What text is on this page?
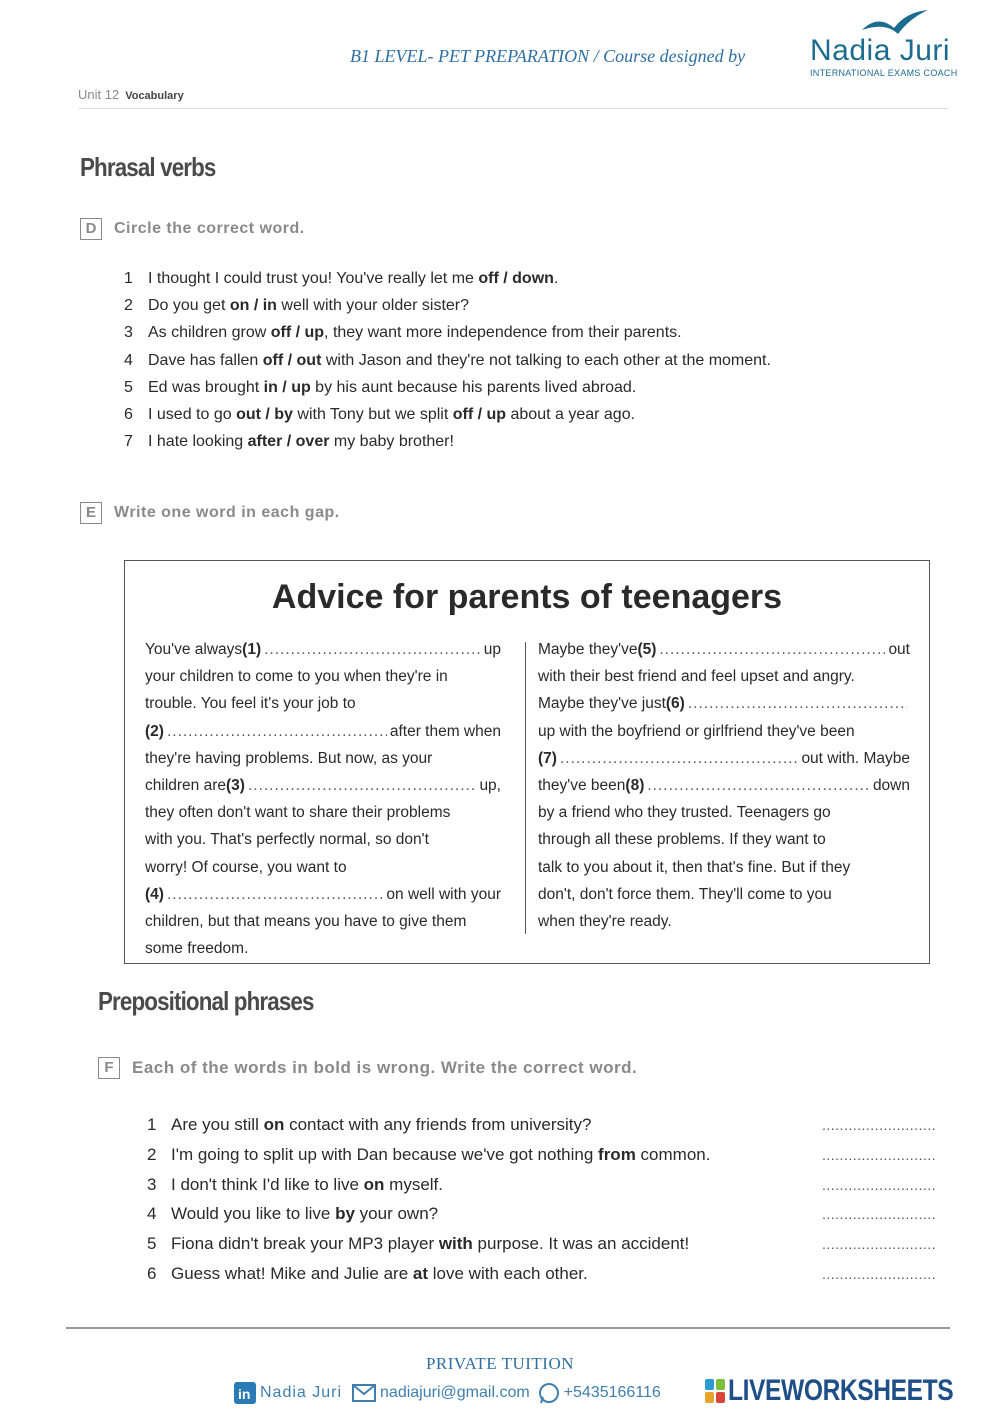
B1 LEVEL- PET PREPARATION / Course designed by Nadia Juri
INTERNATIONAL EXAMS COACH
Unit 12 Vocabulary
Phrasal verbs
D	Circle the correct word.
1 I thought I could trust you! You've really let me off / down.
2 Do you get on / in well with your older sister?
3 As children grow off / up, they want more independence from their parents.
4 Dave has fallen off / out with Jason and they're not talking to each other at the moment.
5 Ed was brought in / up by his aunt because his parents lived abroad.
6 I used to go out / by with Tony but we split off / up about a year ago.
7 I hate looking after / over my baby brother!
E	Write one word in each gap.
Advice for parents of teenagers
You've always (1) .....	up
your children to come to you when they're in
trouble. You feel it's your job to
(2) .....	after them when
they're having problems. But now, as your
children are (3) .....	up,
they often don't want to share their problems
with you. That's perfectly normal, so don't
worry! Of course, you want to
(4) .....	on well with your
children, but that means you have to give them
some freedom.
Maybe they've (5) .....	out
with their best friend and feel upset and angry.
Maybe they've just (6)
.....
up with the boyfriend or girlfriend they've been
(7) .....	out with. Maybe
they've been (8) .....	down
by a friend who they trusted. Teenagers go
through all these problems. If they want to
talk to you about it, then that's fine. But if they
don't, don't force them. They'll come to you
when they're ready.
Prepositional phrases
F	Each of the words in bold is wrong. Write the correct word.
1 Are you still on contact with any friends from university?
.....
2 I'm going to split up with Dan because we've got nothing from common.
.....
3 I don't think I'd like to live on myself.
.....
4 Would you like to live by your own?
.....
5 Fiona didn't break your MP3 player with purpose. It was an accident!
.....
6 Guess what! Mike and Julie are at love with each other.
.....
PRIVATE TUITION
in Nadia Juri nadiajuri@gmail.com +5435166116 LIVEWORKSHEETS
